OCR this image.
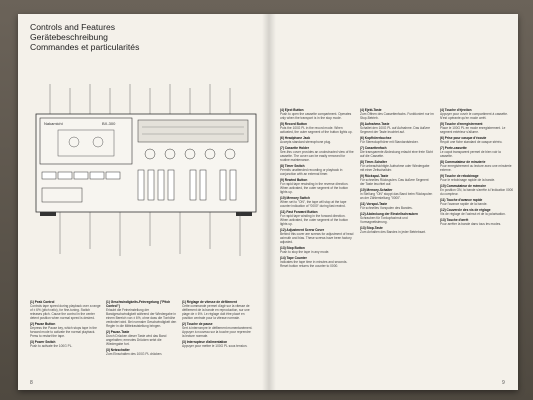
Controls and Features
Gerätebeschreibung
Commandes et particularités
Nakamichi	BX-300
(1) Peak Control
Controls tape speed during playback over a range of ± 6% (pitch ratio), for fine-tuning. Switch releases pitch. Cause the control in the center detent position when normal speed is desired.
(2) Pause Button
Depress the Pause key, which stops tape in the forward mode to activate the normal playback. Press to restart the tape.
(3) Power Switch
Push to activate the 100G PL.
(1) Geschwindigkeits-Feinregelung ("Pitch Control")
Erlaubt die Feineinstellung der Bandgeschwindigkeit während der Wiedergabe in einem Bereich von ± 6%, ohne dass die Tonhöhe verändert wird. Bei normaler Geschwindigkeit den Regler in die Mittelraststellung bringen.
(2) Pause-Taste
Durch Drücken dieser Taste wird das Band angehalten; erneutes Drücken setzt die Wiedergabe fort.
(3) Netzschalter
Zum Einschalten des 100G PL drücken.
(1) Réglage de vitesse de défilement
Cette commande permet d'agir sur la vitesse de défilement de la bande en reproduction, sur une plage de ± 6%. Le réglage doit être placé en position centrale pour la vitesse normale.
(2) Touche de pause
Sert à interrompre le défilement momentanément. Appuyer à nouveau sur la touche pour reprendre la lecture normale.
(3) Interrupteur d'alimentation
Appuyer pour mettre le 100G PL sous tension.
(4) Eject Button
Push to open the cassette compartment. Operates only when the transport is in the stop mode.
(5) Record Button
Puts the 100G PL in the record mode. When activated, the outer segment of the button lights up.
(6) Headphone Jack
Accepts standard stereophone plug.
(7) Cassette Holder
See-thru cover provides an unobstructed view of the cassette. The cover can be easily removed for routine maintenance.
(8) Timer Switch
Permits unattended recording or playback in conjunction with an external timer.
(9) Rewind Button
For rapid tape rewinding in the reverse direction. When activated, the outer segment of the button lights up.
(10) Memory Switch
When set to "ON", the tape will stop at the tape counter indication of "0000" during fast rewind.
(11) Fast Forward Button
For rapid tape winding in the forward direction. When activated, the outer segment of the button lights up.
(12) Adjustment Screw Cover
Behind this cover are screws for adjustment of head azimuth and bias. These screws have been factory adjusted.
(13) Stop Button
Push to stop the tape in any mode.
(14) Tape Counter
Indicates the tape time in minutes and seconds. Reset button returns the counter to 0000.
(4) Ejekt-Taste
Zum Öffnen des Cassettenfachs. Funktioniert nur im Stop-Betrieb.
(5) Aufnahme-Taste
Schaltet den 100G PL auf Aufnahme. Das äußere Segment der Taste leuchtet auf.
(6) Kopfhörerbuchse
Für Stereokopfhörer mit Standardstecker.
(7) Cassettenfach
Die transparente Abdeckung erlaubt eine freie Sicht auf die Cassette.
(8) Timer-Schalter
Für unbeaufsichtigte Aufnahme oder Wiedergabe mit einer Zeitschaltuhr.
(9) Rückspul-Taste
Für schnelles Rückspulen. Das äußere Segment der Taste leuchtet auf.
(10) Memory-Schalter
In Stellung "ON" stoppt das Band beim Rückspulen an der Zählerstellung "0000".
(11) Vorspul-Taste
Für schnelles Vorspulen des Bandes.
(12) Abdeckung der Einstellschrauben
Schrauben für Tonkopfazimut und Vormagnetisierung.
(13) Stop-Taste
Zum Anhalten des Bandes in jeder Betriebsart.
(4) Touche d'éjection
Appuyer pour ouvrir le compartiment à cassette. N'est opérante qu'en mode arrêt.
(5) Touche d'enregistrement
Place le 100G PL en mode enregistrement. Le segment extérieur s'allume.
(6) Prise pour casque d'écoute
Reçoit une fiche standard de casque stéréo.
(7) Porte-cassette
Le capot transparent permet de bien voir la cassette.
(8) Commutateur de minuterie
Pour enregistrement ou lecture avec une minuterie externe.
(9) Touche de rebobinage
Pour le rebobinage rapide de la bande.
(10) Commutateur de mémoire
En position ON, la bande s'arrête à l'indication 0000 du compteur.
(11) Touche d'avance rapide
Pour l'avance rapide de la bande.
(12) Couvercle des vis de réglage
Vis de réglage de l'azimut et de la polarisation.
(13) Touche d'arrêt
Pour arrêter la bande dans tous les modes.
8	9
